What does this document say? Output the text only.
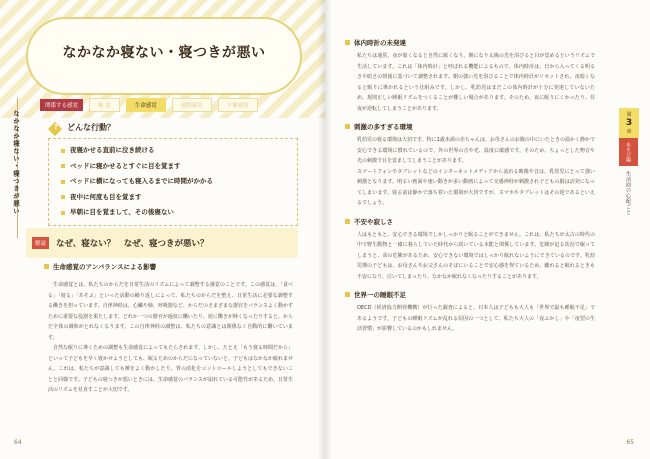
なかなか寝ない・寝つきが悪い
なかなか寝ない・寝つきが悪い
関係する感覚	触 覚	生命感覚	運動感覚	平衡感覚
? どんな行動？
夜寝かせる直前に泣き続ける
ベッドに寝かせるとすぐに目を覚ます
ベッドに横になっても寝入るまでに時間がかかる
夜中に何度も目を覚ます
早朝に目を覚まして、その後寝ない
解説	なぜ、寝ない？　なぜ、寝つきが悪い？
生命感覚のアンバランスによる影響

生命感覚とは、私たちのからだを日常生活のリズムによって調整する感覚のことです。この感覚は、「食べる」「寝る」「あそぶ」といった活動の繰り返しによって、私たちのからだを整え、日常生活に必要な調整する働きを担っています。自律神経は、心臓や肺、呼吸器など、からだのさまざまな器官をバランスよく動かすために重要な役割を果たします。どれか一つの器官が過度に働いたり、逆に働きが鈍くなったりすると、からだ全体の調和がとれなくなります。この自律神経の調整は、私たちの意識とは関係なく自動的に働いています。

自然な眠りに導くための調整も生命感覚によってもたらされます。しかし、たとえ「もう寝る時間だから」といって子どもを早く寝かせようとしても、眠るためのからだになっていないと、子どもはなかなか眠れません。これは、私たちが意識しても睡をよく動かしたり、胃の消化をコントロールしようとしてもできないことと同様です。子どもの寝つきが悪いときには、生命感覚のバランスが崩れている可能性があるため、日常生活のリズムを見直すことが大切です。

64
体内時計の未発達

私たちは通常、夜が暗くなると自然に眠くなり、朝になり太陽の光を浴びると目が覚めるというリズムで生活しています。これは「体内時計」と呼ばれる機能によるもので、体内時計は、日から入ってくる明るさや暗さの情報に基づいて調整されます。朝の強い光を浴びることで体内時計がリセットされ、夜暗くなると眠りに導かれるという仕組みです。しかし、乳幼児はまだこの体内時計が十分に発達していないため、規則正しい睡眠リズムをつくることが難しい場合があります。そのため、夜に眠りにくかったり、昼夜が逆転してしまうことがあります。

刺激の多すぎる環境

乳幼児の寝る環境は大切です。特に1歳未満の赤ちゃんは、お母さんのお腹の中にいたときの温かく静かで安心できる環境に慣れているので、外の世界の音や光、温度に敏感です。そのため、ちょっとした物音や光の刺激で目を覚ましてしまうことがあります。
スマートフォンやタブレットなどのインターネットメディアから流れる映像や音は、乳幼児にとって強い刺激となります。明るい画面や速い動きが多い動画によって交感神経が刺激され子どもの脳は活発になってしまいます。寝る前は静かで落ち着いた環境が大切ですが、スマホやタブレットはその逆であるといえるでしょう。

不安や寂しさ

人はもともと、安心できる環境でしかしっかりと眠ることができません。これは、私たちが太古の時代の中で野生動物と一緒に暮らしていた時代から続いている本能と関係しています。危険が迫る状況で眠ってしまうと、命の危険があるため、安心できない環境ではしっかり眠れないようにできているのです。乳幼児期の子どもは、お母さんやお父さんのそばにいることで安心感を得ているため、離れると眠れるときも不安になり、泣いてしまったり、なかなか眠れなくなったりすることがあります。

世界一の睡眠不足

OECD（経済協力開発機構）が行った調査によると、日本人は子どもも大人も「世界で最も睡眠不足」であるようです。子どもの睡眠リズムが乱れる原因の一つとして、私たち大人の「夜ふかし」や「夜型の生活習慣」が影響しているのかもしれません。

第
3
章
あそび編
生活面の心配ごと
65
